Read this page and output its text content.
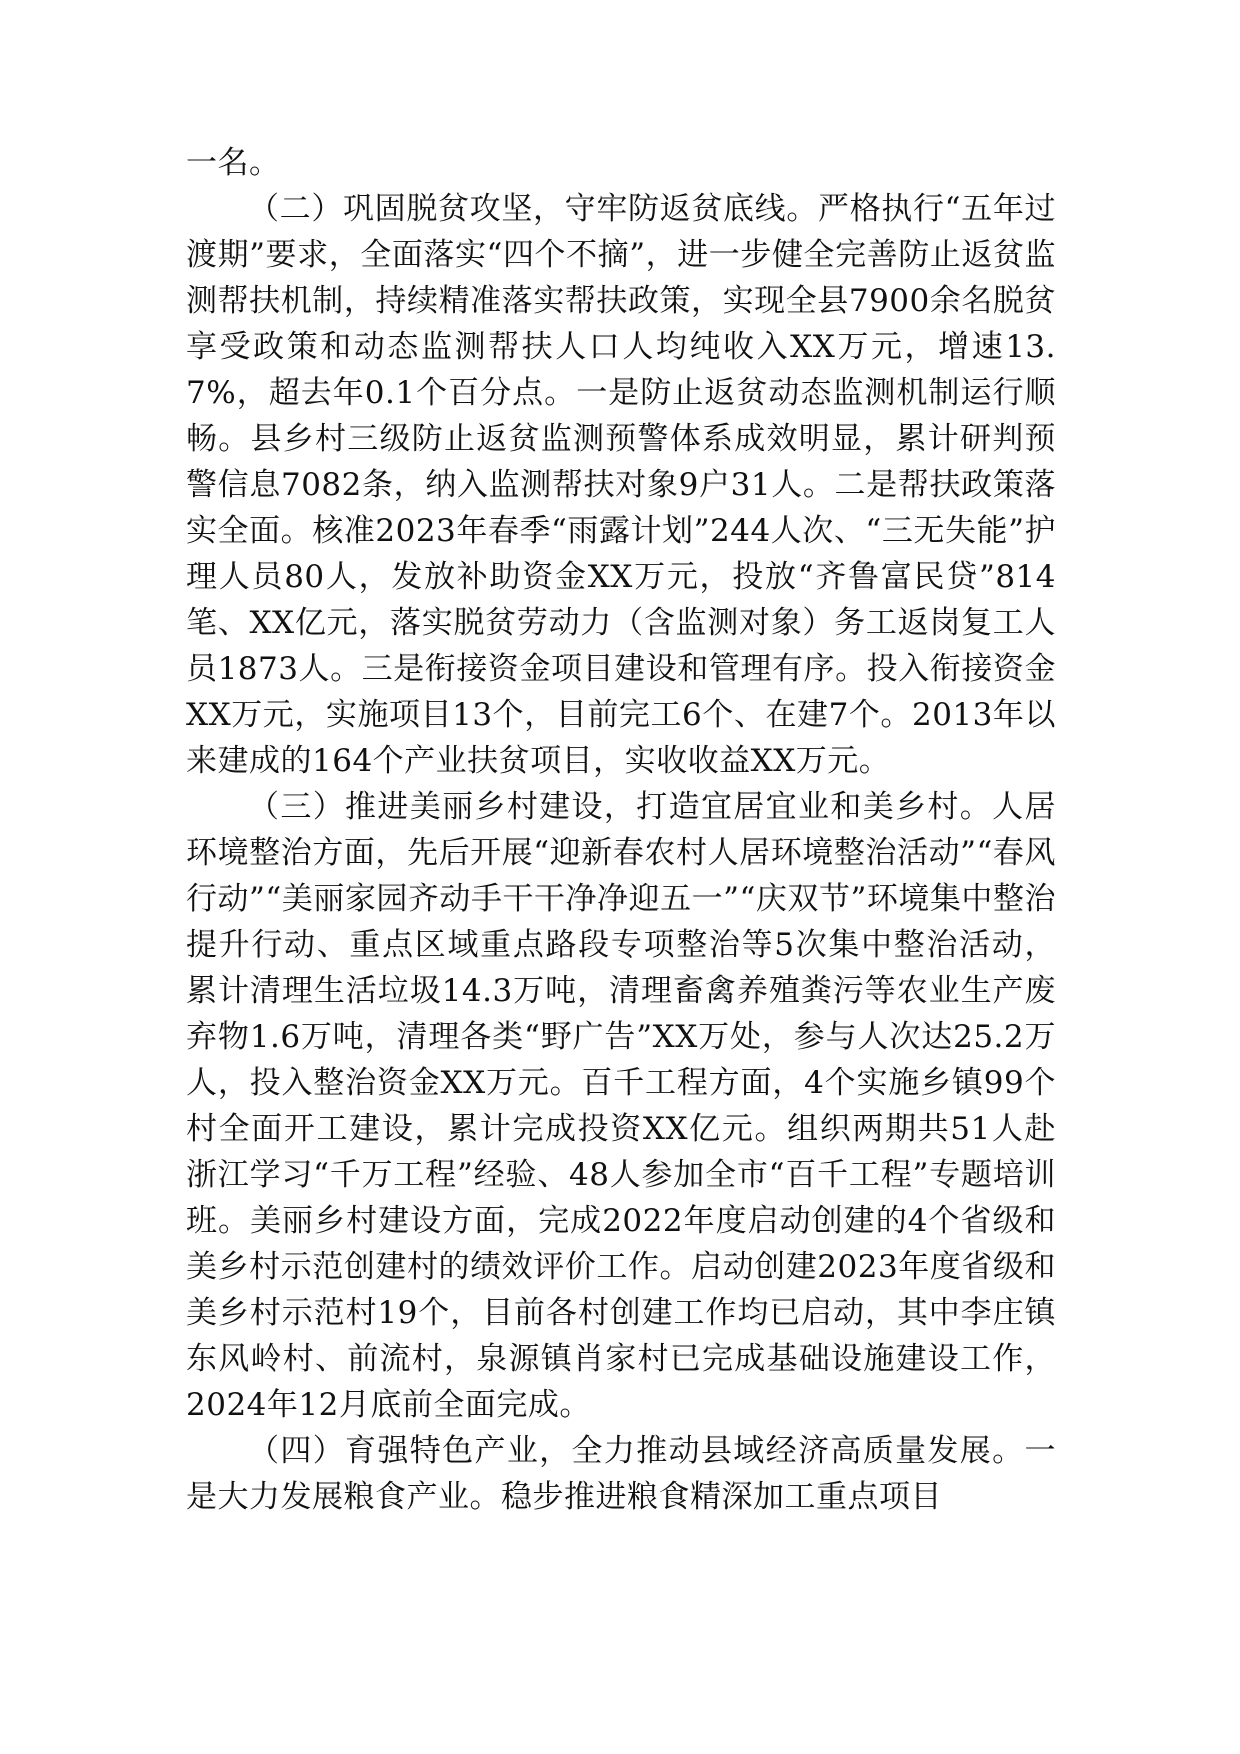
一名。

（二）巩固脱贫攻坚，守牢防返贫底线。严格执行“五年过渡期”要求，全面落实“四个不摘”，进一步健全完善防止返贫监测帮扶机制，持续精准落实帮扶政策，实现全县7900余名脱贫享受政策和动态监测帮扶人口人均纯收入XX万元，增速13.7%，超去年0.1个百分点。一是防止返贫动态监测机制运行顺畅。县乡村三级防止返贫监测预警体系成效明显，累计研判预警信息7082条，纳入监测帮扶对象9户31人。二是帮扶政策落实全面。核准2023年春季“雨露计划”244人次、“三无失能”护理人员80人，发放补助资金XX万元，投放“齐鲁富民贷”814笔、XX亿元，落实脱贫劳动力（含监测对象）务工返岗复工人员1873人。三是衔接资金项目建设和管理有序。投入衔接资金XX万元，实施项目13个，目前完工6个、在建7个。2013年以来建成的164个产业扶贫项目，实收收益XX万元。

（三）推进美丽乡村建设，打造宜居宜业和美乡村。人居环境整治方面，先后开展“迎新春农村人居环境整治活动”“春风行动”“美丽家园齐动手干干净净迎五一”“庆双节”环境集中整治提升行动、重点区域重点路段专项整治等5次集中整治活动，累计清理生活垃圾14.3万吨，清理畜禽养殖粪污等农业生产废弃物1.6万吨，清理各类“野广告”XX万处，参与人次达25.2万人，投入整治资金XX万元。百千工程方面，4个实施乡镇99个村全面开工建设，累计完成投资XX亿元。组织两期共51人赴浙江学习“千万工程”经验、48人参加全市“百千工程”专题培训班。美丽乡村建设方面，完成2022年度启动创建的4个省级和美乡村示范创建村的绩效评价工作。启动创建2023年度省级和美乡村示范村19个，目前各村创建工作均已启动，其中李庄镇东风岭村、前流村，泉源镇肖家村已完成基础设施建设工作，2024年12月底前全面完成。

（四）育强特色产业，全力推动县域经济高质量发展。一是大力发展粮食产业。稳步推进粮食精深加工重点项目
